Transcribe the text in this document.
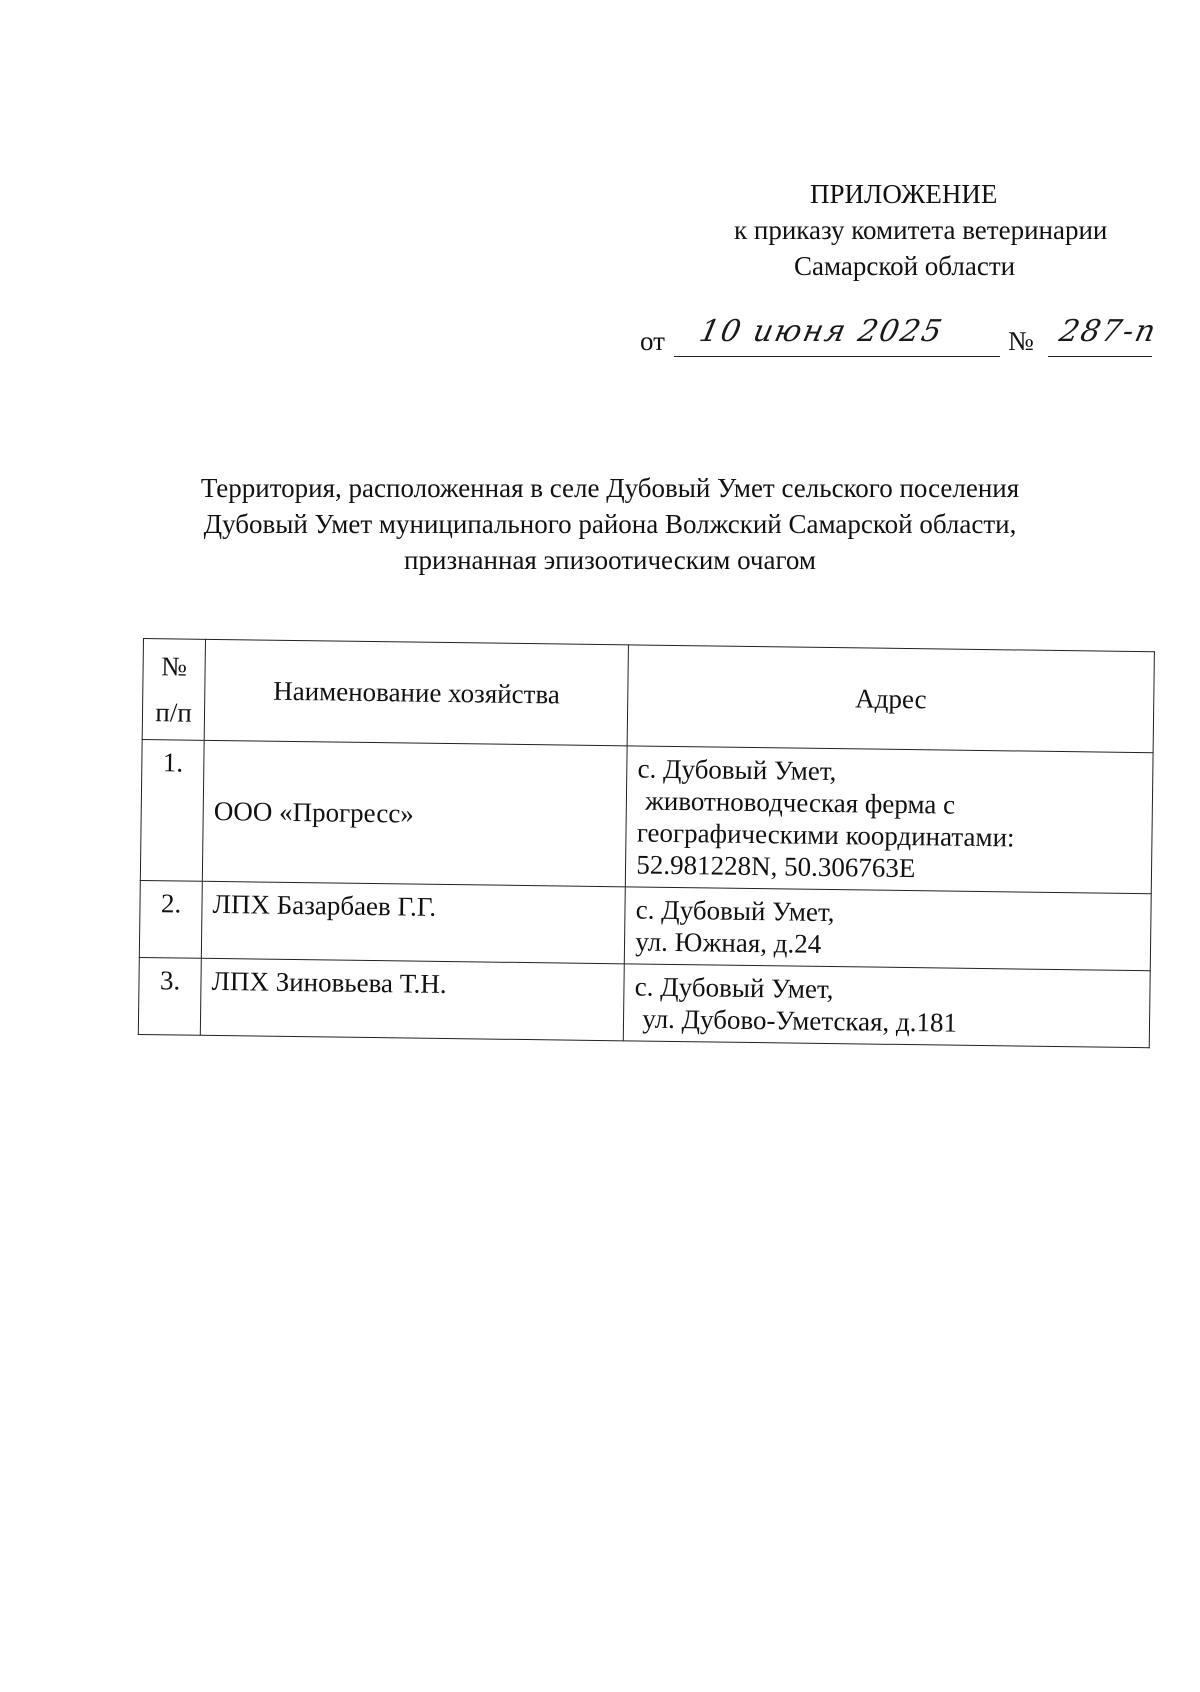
ПРИЛОЖЕНИЕ
к приказу комитета ветеринарии
Самарской области
от 10 июня 2025 № 287-п
Территория, расположенная в селе Дубовый Умет сельского поселения
Дубовый Умет муниципального района Волжский Самарской области,
признанная эпизоотическим очагом
№
п/п	Наименование хозяйства	Адрес
1.	ООО «Прогресс»	с. Дубовый Умет,
животноводческая ферма с
географическими координатами:
52.981228N, 50.306763E

2.	ЛПХ Базарбаев Г.Г.	с. Дубовый Умет,
ул. Южная, д.24

3.	ЛПХ Зиновьева Т.Н.	с. Дубовый Умет,
ул. Дубово-Уметская, д.181
